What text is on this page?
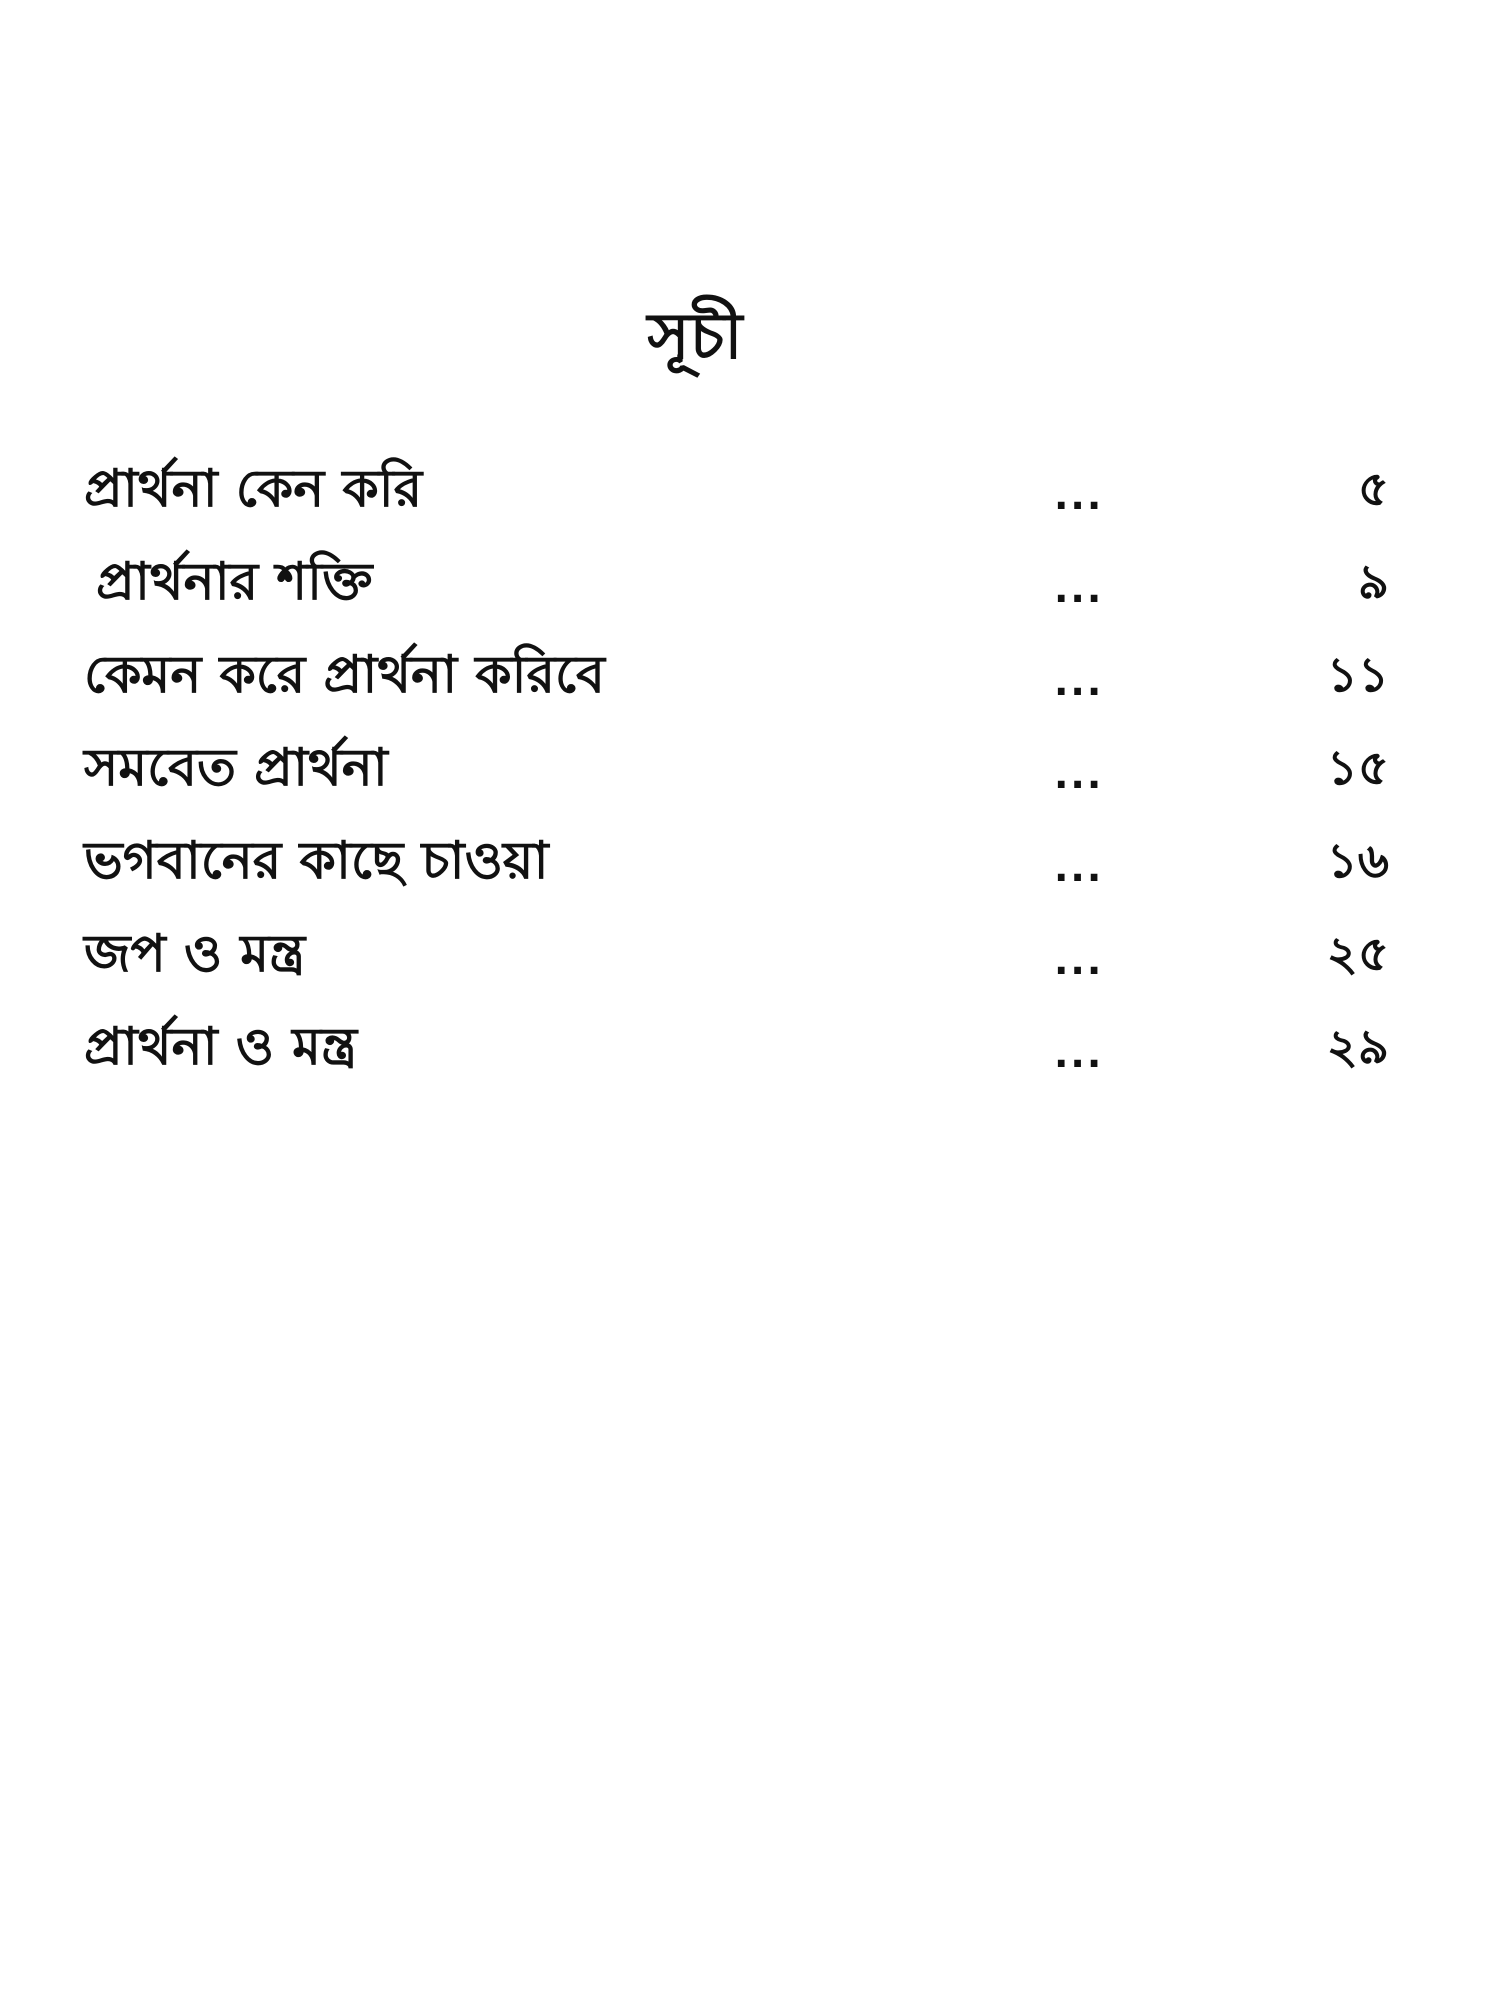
সূচী
প্রার্থনা কেন করি	...	৫
প্রার্থনার শক্তি	...	৯
কেমন করে প্রার্থনা করিবে	...	১১
সমবেত প্রার্থনা	...	১৫
ভগবানের কাছে চাওয়া	...	১৬
জপ ও মন্ত্র	...	২৫
প্রার্থনা ও মন্ত্র	...	২৯
